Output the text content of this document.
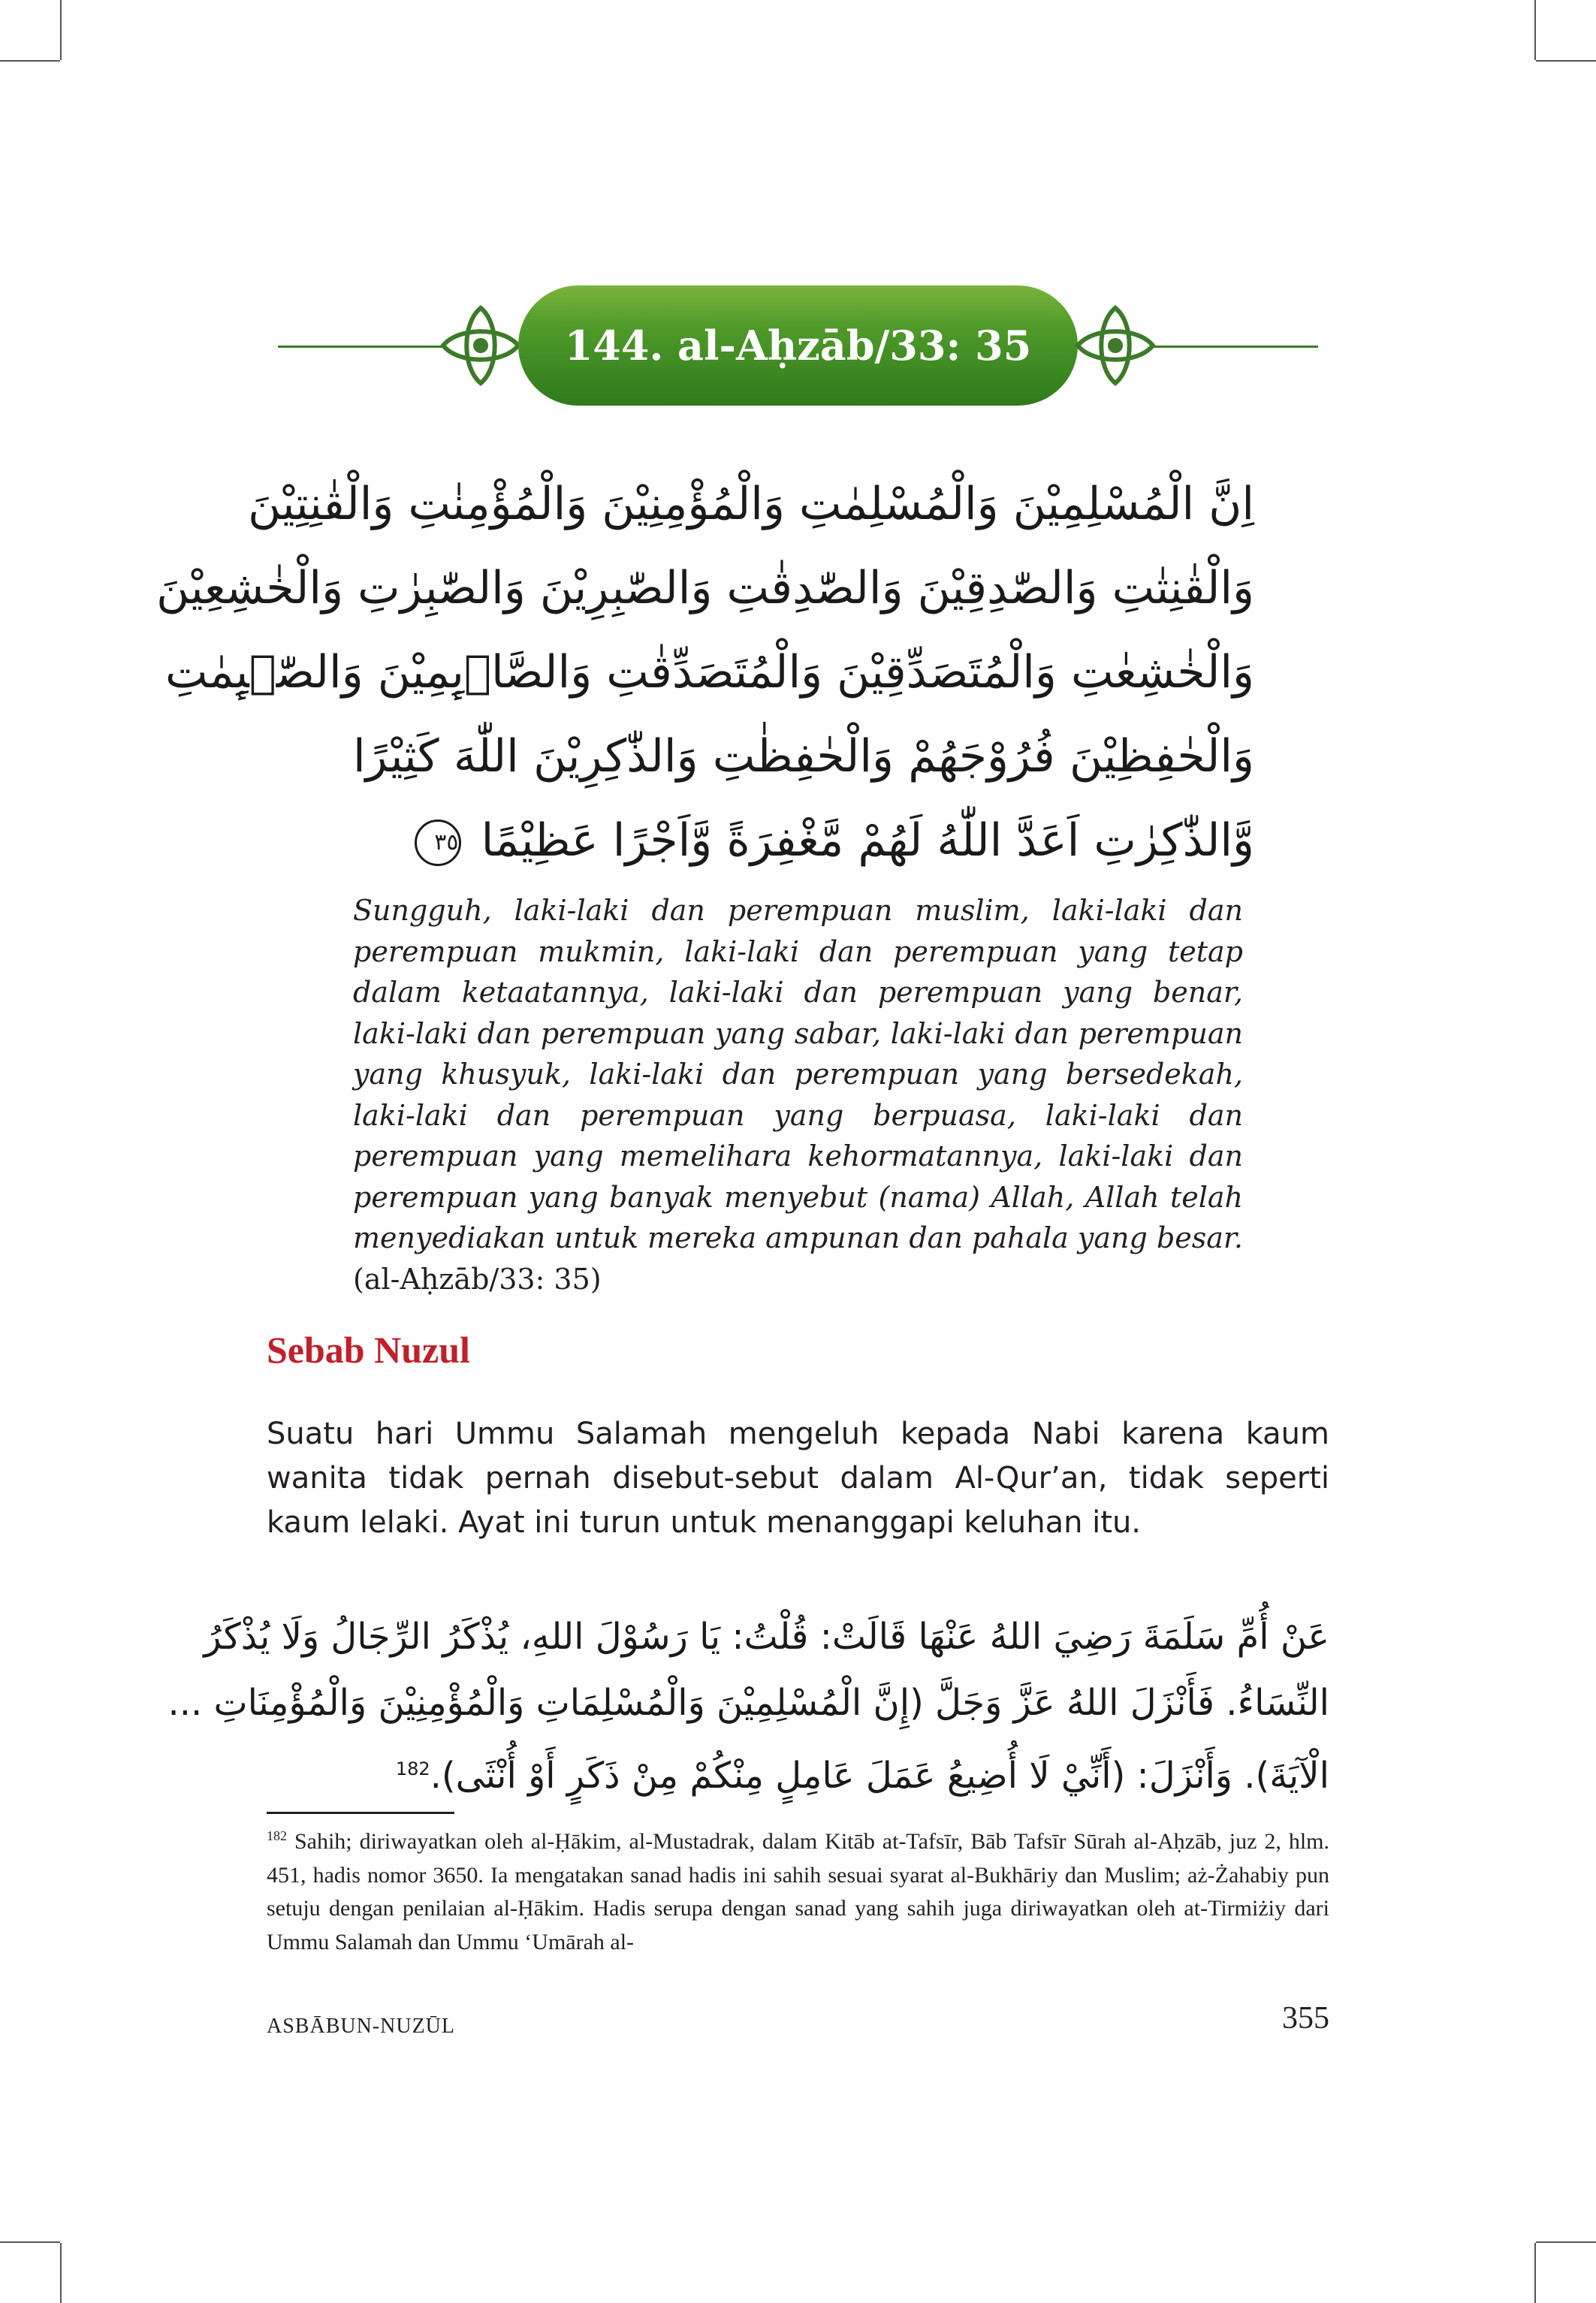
144. al-Aḥzāb/33: 35
اِنَّ الْمُسْلِمِيْنَ وَالْمُسْلِمٰتِ وَالْمُؤْمِنِيْنَ وَالْمُؤْمِنٰتِ وَالْقٰنِتِيْنَ
وَالْقٰنِتٰتِ وَالصّٰدِقِيْنَ وَالصّٰدِقٰتِ وَالصّٰبِرِيْنَ وَالصّٰبِرٰتِ وَالْخٰشِعِيْنَ
وَالْخٰشِعٰتِ وَالْمُتَصَدِّقِيْنَ وَالْمُتَصَدِّقٰتِ وَالصَّاۤىِٕمِيْنَ وَالصّٰۤىِٕمٰتِ
وَالْحٰفِظِيْنَ فُرُوْجَهُمْ وَالْحٰفِظٰتِ وَالذّٰكِرِيْنَ اللّٰهَ كَثِيْرًا
وَّالذّٰكِرٰتِ اَعَدَّ اللّٰهُ لَهُمْ مَّغْفِرَةً وَّاَجْرًا عَظِيْمًا ٣٥
Sungguh, laki-laki dan perempuan muslim, laki-laki dan perempuan mukmin, laki-laki dan perempuan yang tetap dalam ketaatannya, laki-laki dan perempuan yang benar, laki-laki dan perempuan yang sabar, laki-laki dan perempuan yang khusyuk, laki-laki dan perempuan yang bersedekah, laki-laki dan perempuan yang berpuasa, laki-laki dan perempuan yang memelihara kehormatannya, laki-laki dan perempuan yang banyak menyebut (nama) Allah, Allah telah menyediakan untuk mereka ampunan dan pahala yang besar. (al-Aḥzāb/33: 35)
Sebab Nuzul
Suatu hari Ummu Salamah mengeluh kepada Nabi karena kaum wanita tidak pernah disebut-sebut dalam Al-Qur’an, tidak seperti kaum lelaki. Ayat ini turun untuk menanggapi keluhan itu.
عَنْ أُمِّ سَلَمَةَ رَضِيَ اللهُ عَنْهَا قَالَتْ: قُلْتُ: يَا رَسُوْلَ اللهِ، يُذْكَرُ الرِّجَالُ وَلَا يُذْكَرُ
النِّسَاءُ. فَأَنْزَلَ اللهُ عَزَّ وَجَلَّ (إِنَّ الْمُسْلِمِيْنَ وَالْمُسْلِمَاتِ وَالْمُؤْمِنِيْنَ وَالْمُؤْمِنَاتِ ...
الْآيَةَ). وَأَنْزَلَ: (أَنِّيْ لَا أُضِيعُ عَمَلَ عَامِلٍ مِنْكُمْ مِنْ ذَكَرٍ أَوْ أُنْثَى).$^{182}$
$^{182}$ Sahih; diriwayatkan oleh al-Ḥākim, al-Mustadrak, dalam Kitāb at-Tafsīr, Bāb Tafsīr Sūrah al-Aḥzāb, juz 2, hlm. 451, hadis nomor 3650. Ia mengatakan sanad hadis ini sahih sesuai syarat al-Bukhāriy dan Muslim; aż-Żahabiy pun setuju dengan penilaian al-Ḥākim. Hadis serupa dengan sanad yang sahih juga diriwayatkan oleh at-Tirmiżiy dari Ummu Salamah dan Ummu ‘Umārah al-
ASBĀBUN-NUZŪL	355
